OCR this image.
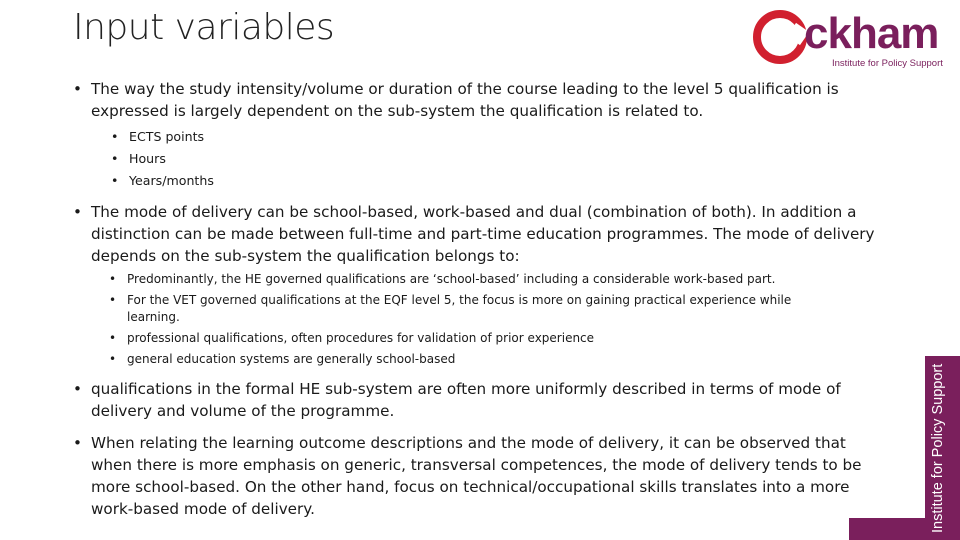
Input variables	ckham
Institute for Policy Support
Institute for Policy Support
• The way the study intensity/volume or duration of the course leading to the level 5 qualification is expressed is largely dependent on the sub-system the qualification is related to.
• ECTS points
• Hours
• Years/months
• The mode of delivery can be school-based, work-based and dual (combination of both). In addition a distinction can be made between full-time and part-time education programmes. The mode of delivery depends on the sub-system the qualification belongs to:
• Predominantly, the HE governed qualifications are ‘school-based’ including a considerable work-based part.
• For the VET governed qualifications at the EQF level 5, the focus is more on gaining practical experience while learning.
• professional qualifications, often procedures for validation of prior experience
• general education systems are generally school-based
• qualifications in the formal HE sub-system are often more uniformly described in terms of mode of delivery and volume of the programme.
• When relating the learning outcome descriptions and the mode of delivery, it can be observed that when there is more emphasis on generic, transversal competences, the mode of delivery tends to be more school-based. On the other hand, focus on technical/occupational skills translates into a more work-based mode of delivery.
